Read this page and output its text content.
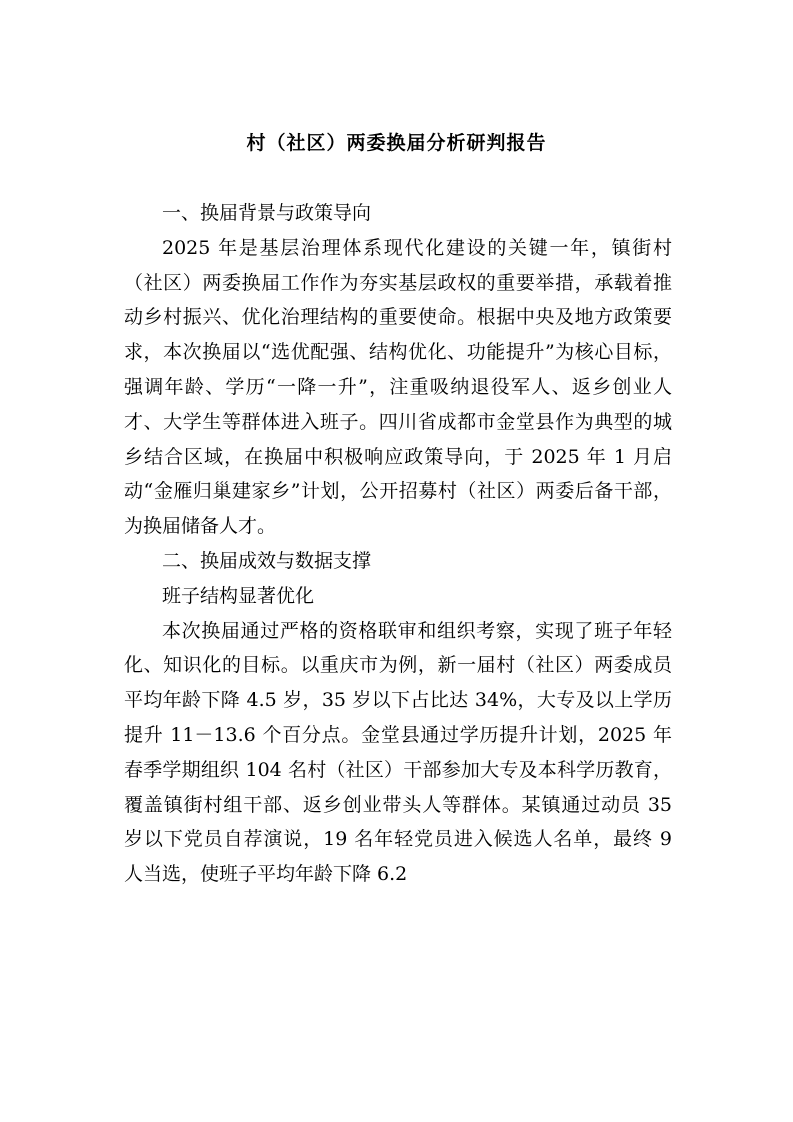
村（社区）两委换届分析研判报告

一、换届背景与政策导向

2025 年是基层治理体系现代化建设的关键一年，镇街村（社区）两委换届工作作为夯实基层政权的重要举措，承载着推动乡村振兴、优化治理结构的重要使命。根据中央及地方政策要求，本次换届以“选优配强、结构优化、功能提升”为核心目标，强调年龄、学历“一降一升”，注重吸纳退役军人、返乡创业人才、大学生等群体进入班子。四川省成都市金堂县作为典型的城乡结合区域，在换届中积极响应政策导向，于 2025 年 1 月启动“金雁归巢建家乡”计划，公开招募村（社区）两委后备干部，为换届储备人才。

二、换届成效与数据支撑

班子结构显著优化

本次换届通过严格的资格联审和组织考察，实现了班子年轻化、知识化的目标。以重庆市为例，新一届村（社区）两委成员平均年龄下降 4.5 岁，35 岁以下占比达 34%，大专及以上学历提升 11－13.6 个百分点。金堂县通过学历提升计划，2025 年春季学期组织 104 名村（社区）干部参加大专及本科学历教育，覆盖镇街村组干部、返乡创业带头人等群体。某镇通过动员 35 岁以下党员自荐演说，19 名年轻党员进入候选人名单，最终 9 人当选，使班子平均年龄下降 6.2
